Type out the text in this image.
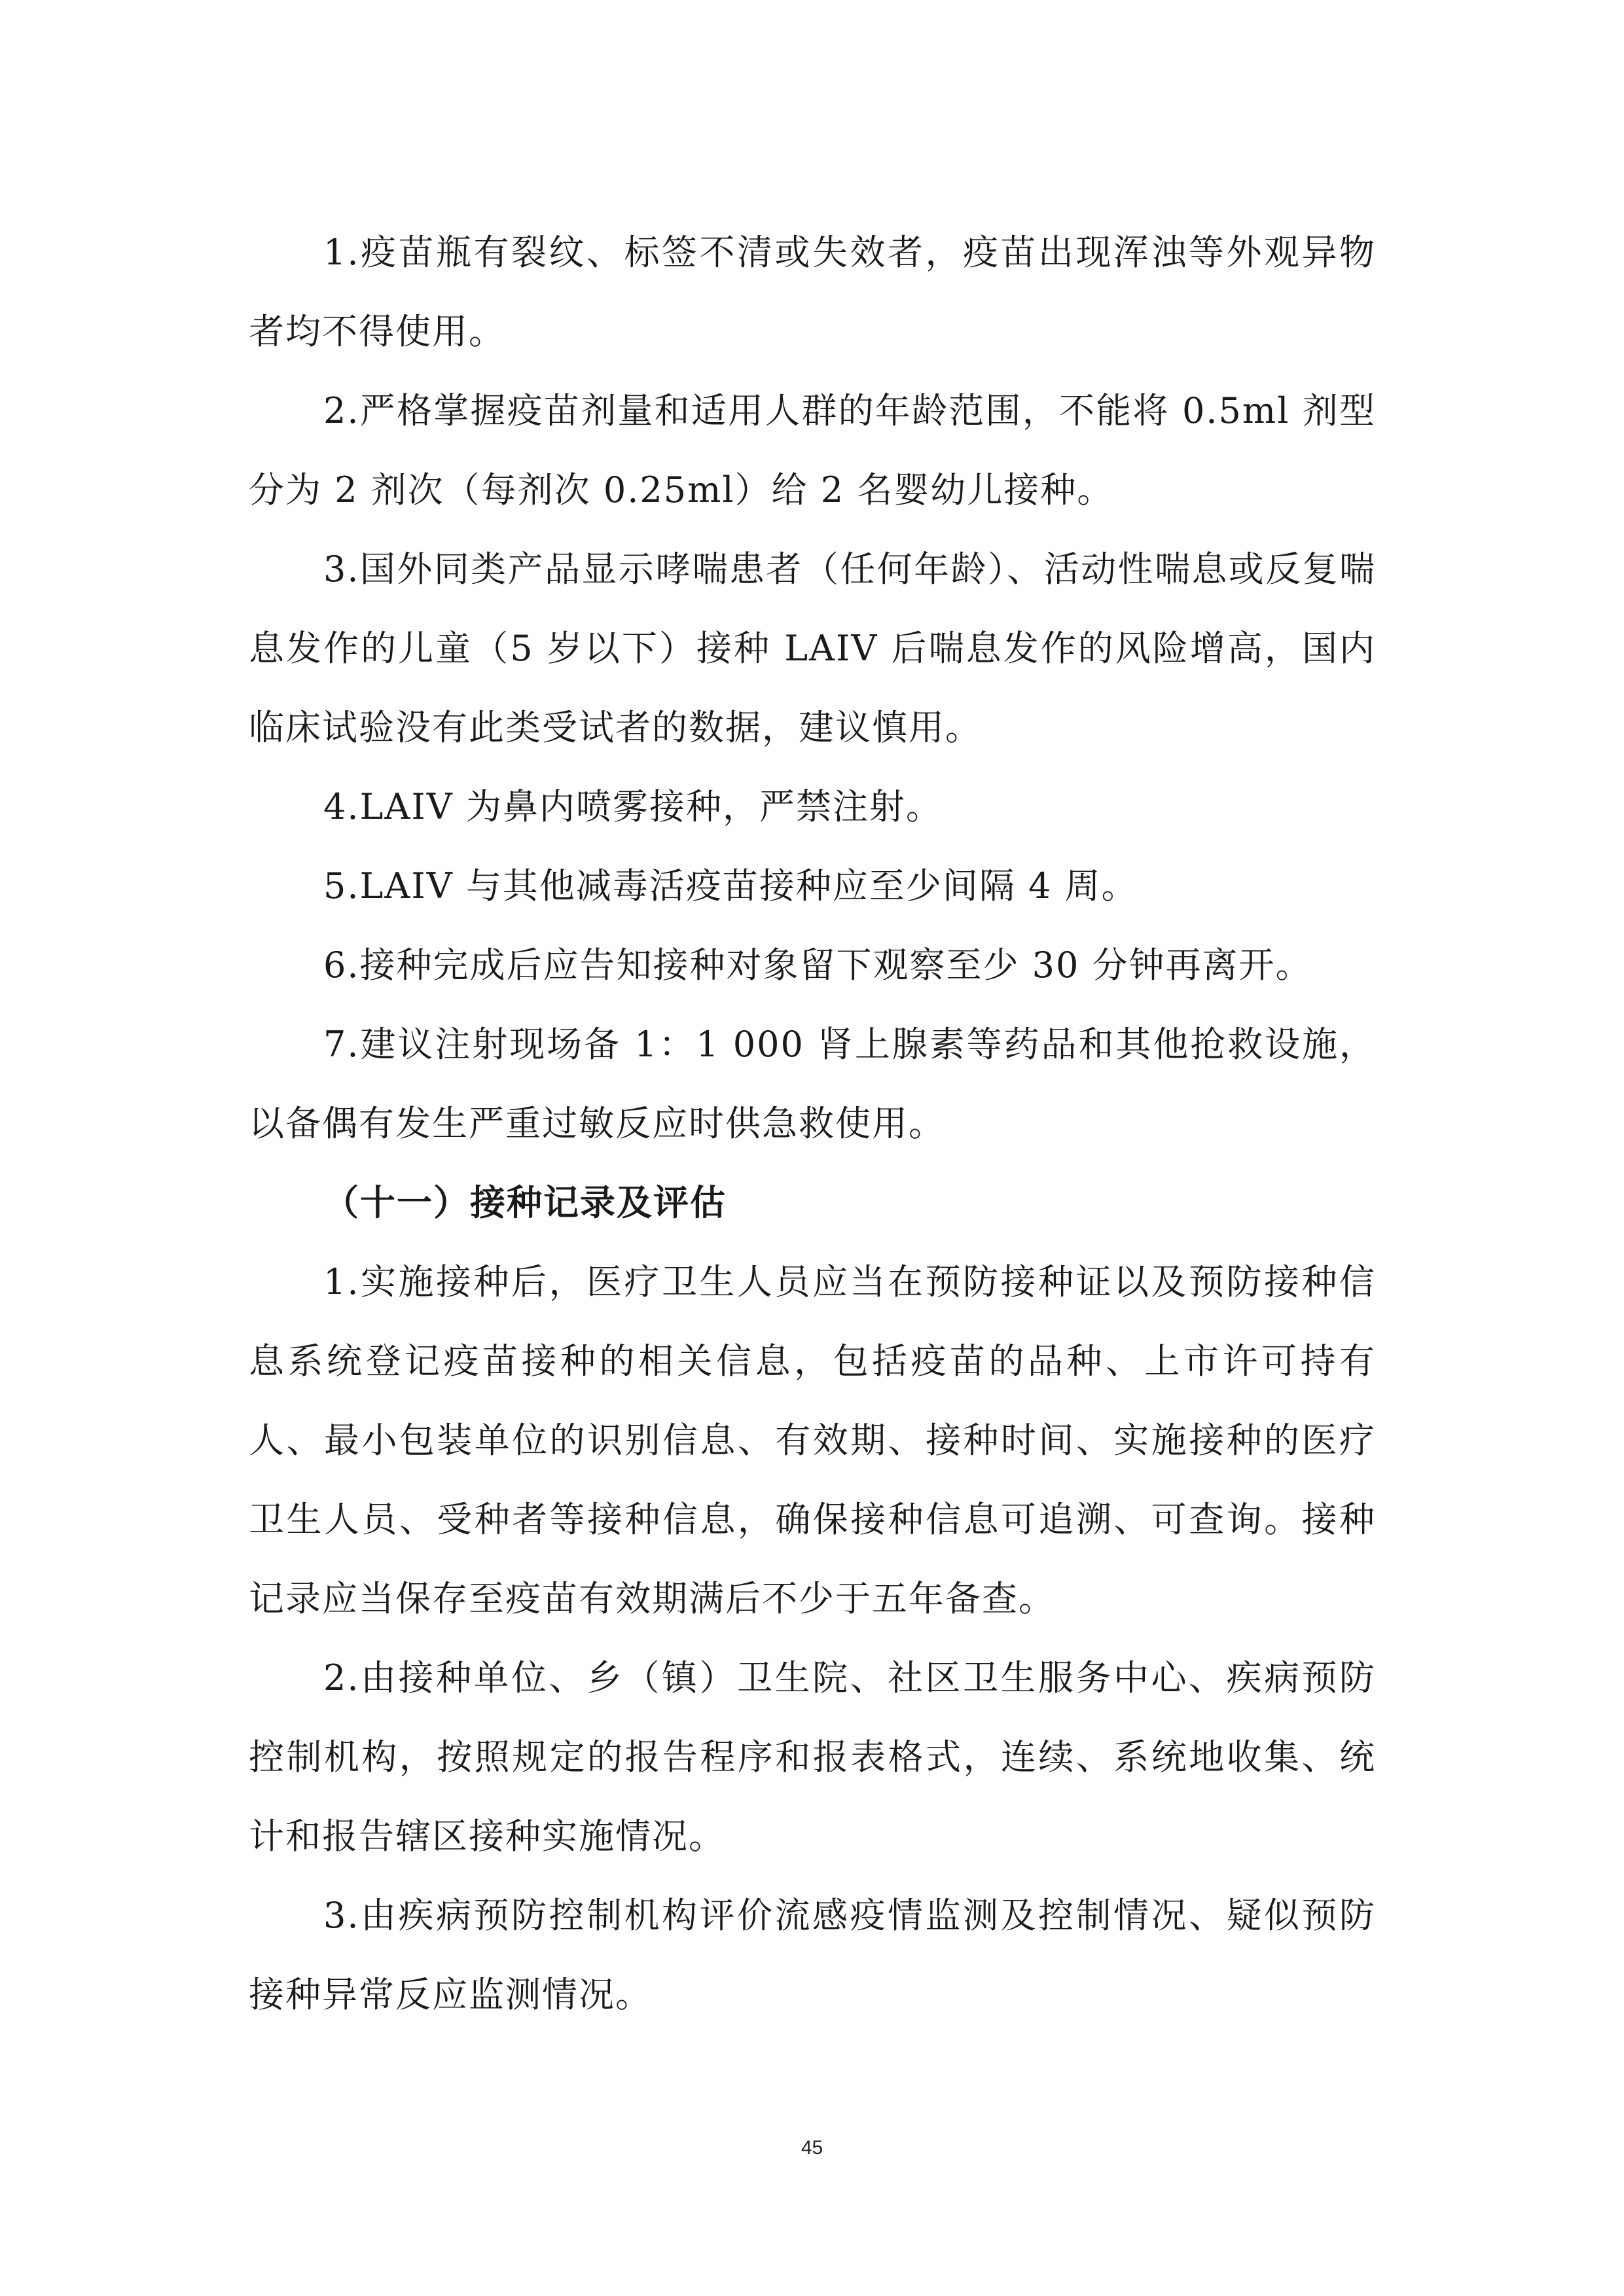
1.疫苗瓶有裂纹、标签不清或失效者，疫苗出现浑浊等外观异物者均不得使用。

2.严格掌握疫苗剂量和适用人群的年龄范围，不能将 0.5ml 剂型分为 2 剂次（每剂次 0.25ml）给 2 名婴幼儿接种。

3.国外同类产品显示哮喘患者（任何年龄）、活动性喘息或反复喘息发作的儿童（5 岁以下）接种 LAIV 后喘息发作的风险增高，国内临床试验没有此类受试者的数据，建议慎用。

4.LAIV 为鼻内喷雾接种，严禁注射。

5.LAIV 与其他减毒活疫苗接种应至少间隔 4 周。

6.接种完成后应告知接种对象留下观察至少 30 分钟再离开。

7.建议注射现场备 1：1 000 肾上腺素等药品和其他抢救设施，以备偶有发生严重过敏反应时供急救使用。

（十一）接种记录及评估

1.实施接种后，医疗卫生人员应当在预防接种证以及预防接种信息系统登记疫苗接种的相关信息，包括疫苗的品种、上市许可持有人、最小包装单位的识别信息、有效期、接种时间、实施接种的医疗卫生人员、受种者等接种信息，确保接种信息可追溯、可查询。接种记录应当保存至疫苗有效期满后不少于五年备查。

2.由接种单位、乡（镇）卫生院、社区卫生服务中心、疾病预防控制机构，按照规定的报告程序和报表格式，连续、系统地收集、统计和报告辖区接种实施情况。

3.由疾病预防控制机构评价流感疫情监测及控制情况、疑似预防接种异常反应监测情况。

45
